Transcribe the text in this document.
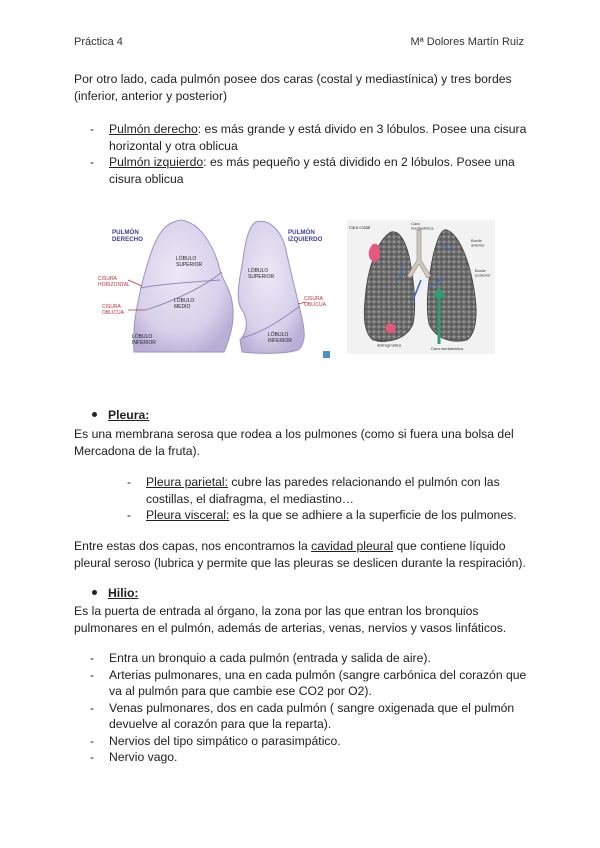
Práctica 4	Mª Dolores Martín Ruiz

Por otro lado, cada pulmón posee dos caras (costal y mediastínica) y tres bordes (inferior, anterior y posterior)

- Pulmón derecho: es más grande y está divido en 3 lóbulos. Posee una cisura horizontal y otra oblicua
- Pulmón izquierdo: es más pequeño y está dividido en 2 lóbulos. Posee una cisura oblicua
PULMÓN DERECHO
PULMÓN IZQUIERDO
LÓBULO SUPERIOR
LÓBULO SUPERIOR
LÓBULO MEDIO
LÓBULO INFERIOR
LÓBULO INFERIOR
CISURA HORIZONTAL
CISURA OBLICUA
CISURA OBLICUA
Cara costal
Cara mediastínica
Borde anterior
Borde posterior
Base diafragmática
Cara mediastínica
Pleura:

Es una membrana serosa que rodea a los pulmones (como si fuera una bolsa del Mercadona de la fruta).

- Pleura parietal: cubre las paredes relacionando el pulmón con las costillas, el diafragma, el mediastino…
- Pleura visceral: es la que se adhiere a la superficie de los pulmones.

Entre estas dos capas, nos encontramos la cavidad pleural que contiene líquido pleural seroso (lubrica y permite que las pleuras se deslicen durante la respiración).

Hilio:

Es la puerta de entrada al órgano, la zona por las que entran los bronquios pulmonares en el pulmón, además de arterias, venas, nervios y vasos linfáticos.

- Entra un bronquio a cada pulmón (entrada y salida de aire).
- Arterias pulmonares, una en cada pulmón (sangre carbónica del corazón que va al pulmón para que cambie ese CO2 por O2).
- Venas pulmonares, dos en cada pulmón ( sangre oxigenada que el pulmón devuelve al corazón para que la reparta).
- Nervios del tipo simpático o parasimpático.
- Nervio vago.
